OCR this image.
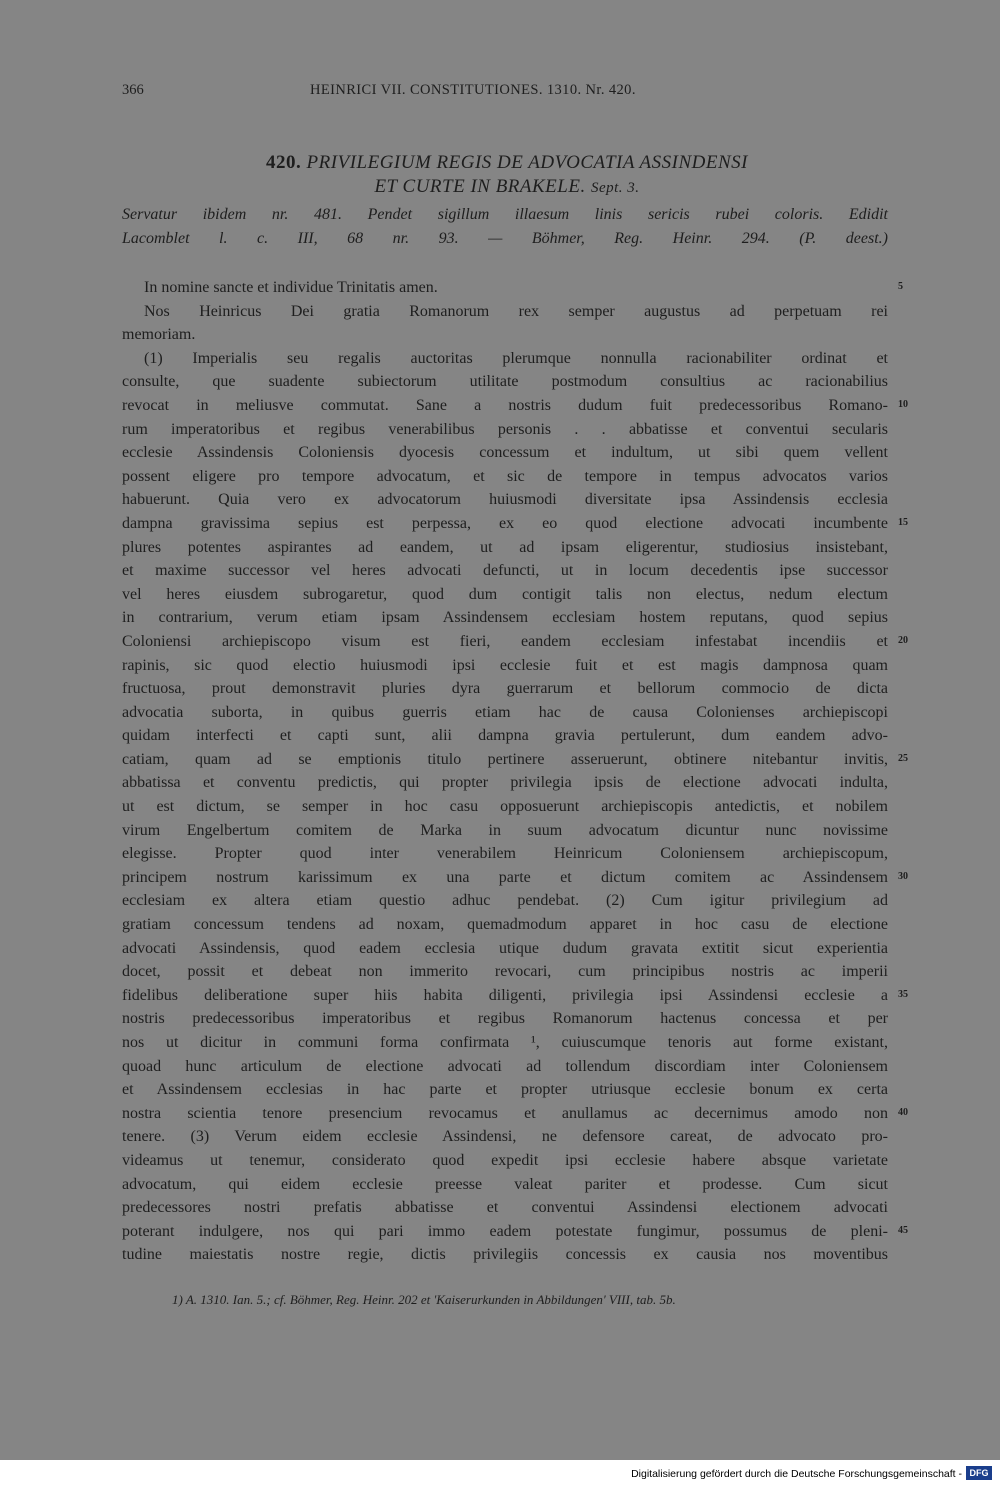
366	HEINRICI VII. CONSTITUTIONES. 1310. Nr. 420.
420. PRIVILEGIUM REGIS DE ADVOCATIA ASSINDENSI
ET CURTE IN BRAKELE. Sept. 3.
Servatur ibidem nr. 481. Pendet sigillum illaesum linis sericis rubei coloris. Edidit
Lacomblet l. c. III, 68 nr. 93. — Böhmer, Reg. Heinr. 294. (P. deest.)
In nomine sancte et individue Trinitatis amen.
Nos Heinricus Dei gratia Romanorum rex semper augustus ad perpetuam rei
memoriam.
(1) Imperialis seu regalis auctoritas plerumque nonnulla racionabiliter ordinat et
consulte, que suadente subiectorum utilitate postmodum consultius ac racionabilius
revocat in meliusve commutat. Sane a nostris dudum fuit predecessoribus Romano-
rum imperatoribus et regibus venerabilibus personis . . abbatisse et conventui secularis
ecclesie Assindensis Coloniensis dyocesis concessum et indultum, ut sibi quem vellent
possent eligere pro tempore advocatum, et sic de tempore in tempus advocatos varios
habuerunt. Quia vero ex advocatorum huiusmodi diversitate ipsa Assindensis ecclesia
dampna gravissima sepius est perpessa, ex eo quod electione advocati incumbente
plures potentes aspirantes ad eandem, ut ad ipsam eligerentur, studiosius insistebant,
et maxime successor vel heres advocati defuncti, ut in locum decedentis ipse successor
vel heres eiusdem subrogaretur, quod dum contigit talis non electus, nedum electum
in contrarium, verum etiam ipsam Assindensem ecclesiam hostem reputans, quod sepius
Coloniensi archiepiscopo visum est fieri, eandem ecclesiam infestabat incendiis et
rapinis, sic quod electio huiusmodi ipsi ecclesie fuit et est magis dampnosa quam
fructuosa, prout demonstravit pluries dyra guerrarum et bellorum commocio de dicta
advocatia suborta, in quibus guerris etiam hac de causa Colonienses archiepiscopi
quidam interfecti et capti sunt, alii dampna gravia pertulerunt, dum eandem advo-
catiam, quam ad se emptionis titulo pertinere asseruerunt, obtinere nitebantur invitis,
abbatissa et conventu predictis, qui propter privilegia ipsis de electione advocati indulta,
ut est dictum, se semper in hoc casu opposuerunt archiepiscopis antedictis, et nobilem
virum Engelbertum comitem de Marka in suum advocatum dicuntur nunc novissime
elegisse. Propter quod inter venerabilem Heinricum Coloniensem archiepiscopum,
principem nostrum karissimum ex una parte et dictum comitem ac Assindensem
ecclesiam ex altera etiam questio adhuc pendebat. (2) Cum igitur privilegium ad
gratiam concessum tendens ad noxam, quemadmodum apparet in hoc casu de electione
advocati Assindensis, quod eadem ecclesia utique dudum gravata extitit sicut experientia
docet, possit et debeat non immerito revocari, cum principibus nostris ac imperii
fidelibus deliberatione super hiis habita diligenti, privilegia ipsi Assindensi ecclesie a
nostris predecessoribus imperatoribus et regibus Romanorum hactenus concessa et per
nos ut dicitur in communi forma confirmata ¹, cuiuscumque tenoris aut forme existant,
quoad hunc articulum de electione advocati ad tollendum discordiam inter Coloniensem
et Assindensem ecclesias in hac parte et propter utriusque ecclesie bonum ex certa
nostra scientia tenore presencium revocamus et anullamus ac decernimus amodo non
tenere. (3) Verum eidem ecclesie Assindensi, ne defensore careat, de advocato pro-
videamus ut tenemur, considerato quod expedit ipsi ecclesie habere absque varietate
advocatum, qui eidem ecclesie preesse valeat pariter et prodesse. Cum sicut
predecessores nostri prefatis abbatisse et conventui Assindensi electionem advocati
poterant indulgere, nos qui pari immo eadem potestate fungimur, possumus de pleni-
tudine maiestatis nostre regie, dictis privilegiis concessis ex causia nos moventibus
5
10
15
20
25
30
35
40
45
1) A. 1310. Ian. 5.; cf. Böhmer, Reg. Heinr. 202 et 'Kaiserurkunden in Abbildungen' VIII, tab. 5b.
Digitalisierung gefördert durch die Deutsche Forschungsgemeinschaft - DFG
